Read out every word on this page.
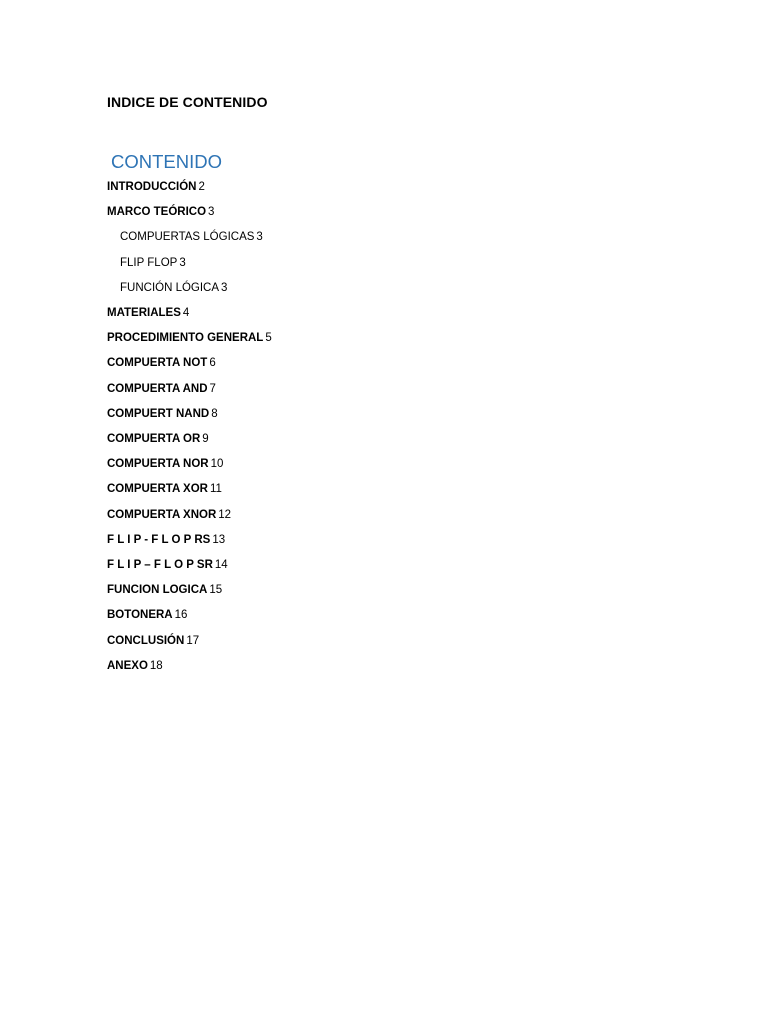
INDICE DE CONTENIDO
CONTENIDO
INTRODUCCIÓN 2
MARCO TEÓRICO 3
COMPUERTAS LÓGICAS 3
FLIP FLOP 3
FUNCIÓN LÓGICA 3
MATERIALES 4
PROCEDIMIENTO GENERAL 5
COMPUERTA NOT 6
COMPUERTA AND 7
COMPUERT NAND 8
COMPUERTA OR 9
COMPUERTA NOR 10
COMPUERTA XOR 11
COMPUERTA XNOR 12
F L I P - F L O P RS 13
F L I P – F L O P SR 14
FUNCION LOGICA 15
BOTONERA 16
CONCLUSIÓN 17
ANEXO 18
